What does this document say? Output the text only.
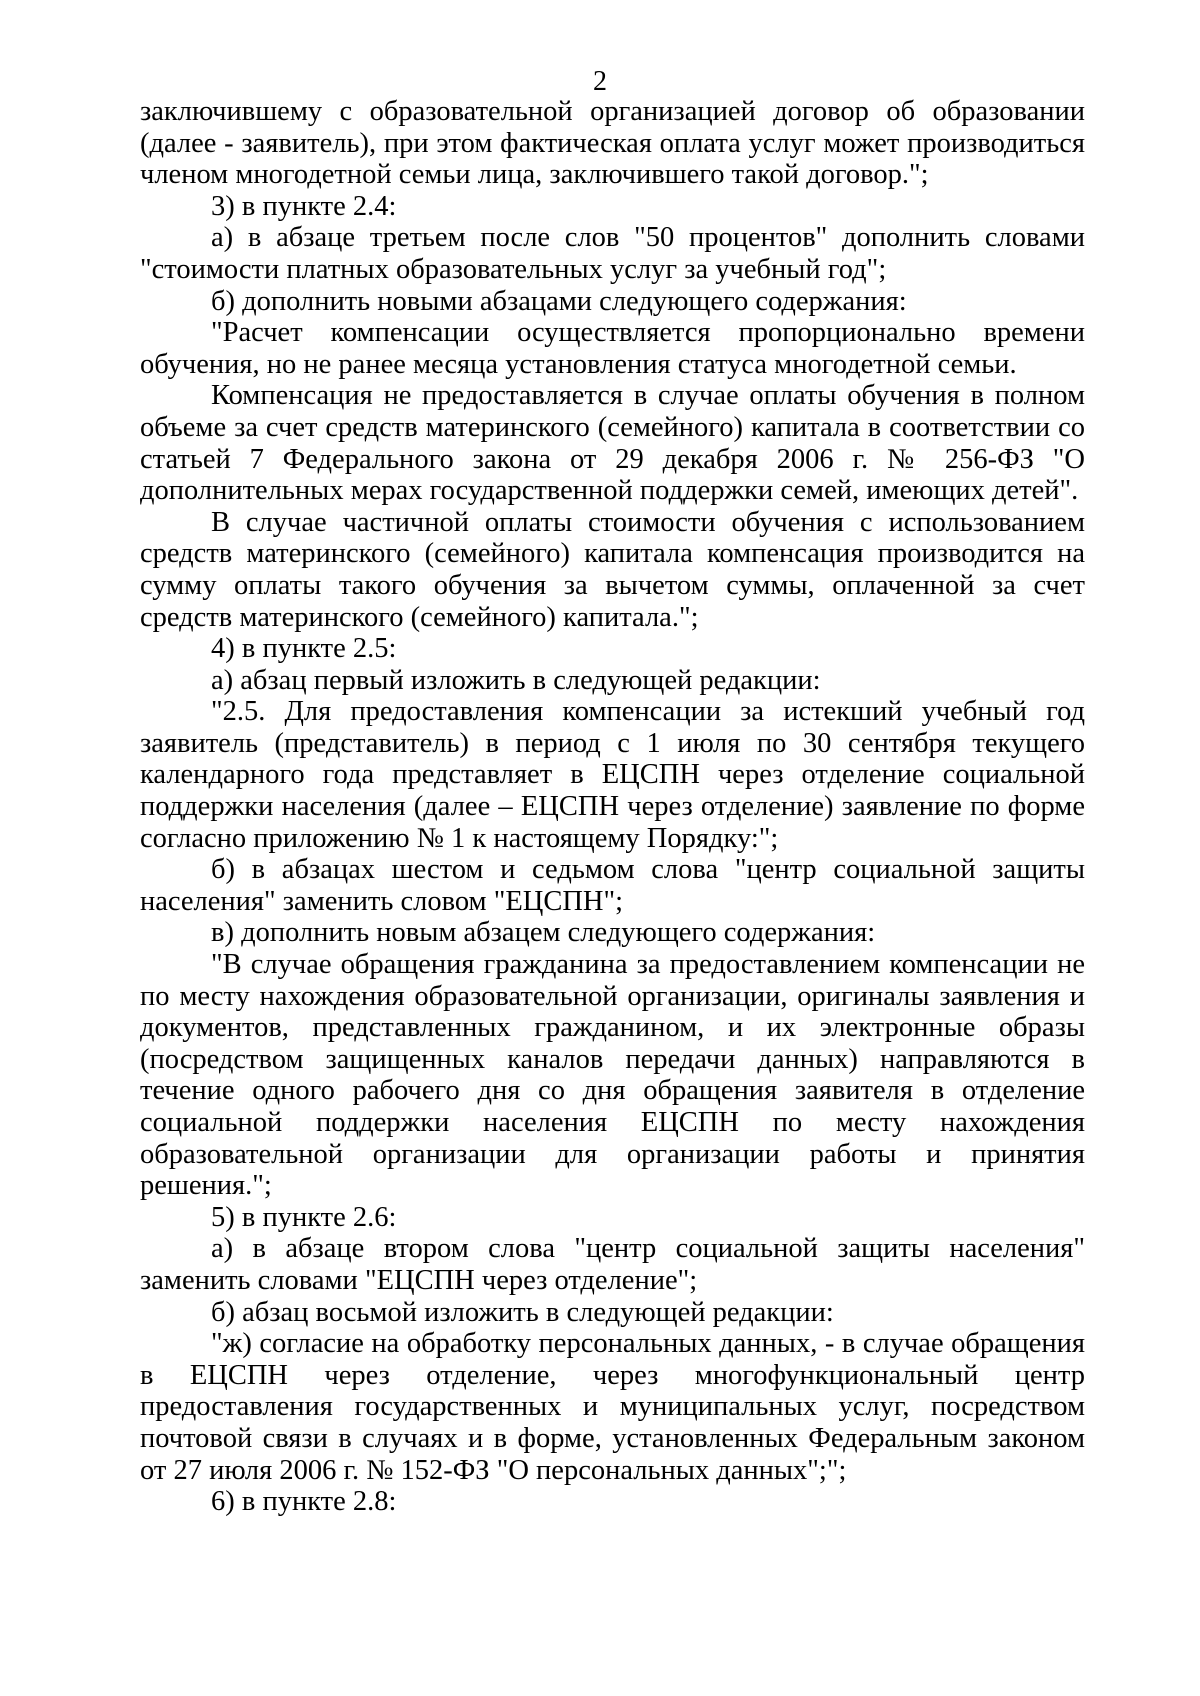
2

заключившему с образовательной организацией договор об образовании (далее - заявитель), при этом фактическая оплата услуг может производиться членом многодетной семьи лица, заключившего такой договор.";

3) в пункте 2.4:

а) в абзаце третьем после слов "50 процентов" дополнить словами "стоимости платных образовательных услуг за учебный год";

б) дополнить новыми абзацами следующего содержания:

"Расчет компенсации осуществляется пропорционально времени обучения, но не ранее месяца установления статуса многодетной семьи.

Компенсация не предоставляется в случае оплаты обучения в полном объеме за счет средств материнского (семейного) капитала в соответствии со статьей 7 Федерального закона от 29 декабря 2006 г. № 256-ФЗ "О дополнительных мерах государственной поддержки семей, имеющих детей".

В случае частичной оплаты стоимости обучения с использованием средств материнского (семейного) капитала компенсация производится на сумму оплаты такого обучения за вычетом суммы, оплаченной за счет средств материнского (семейного) капитала.";

4) в пункте 2.5:

а) абзац первый изложить в следующей редакции:

"2.5. Для предоставления компенсации за истекший учебный год заявитель (представитель) в период с 1 июля по 30 сентября текущего календарного года представляет в ЕЦСПН через отделение социальной поддержки населения (далее – ЕЦСПН через отделение) заявление по форме согласно приложению № 1 к настоящему Порядку:";

б) в абзацах шестом и седьмом слова "центр социальной защиты населения" заменить словом "ЕЦСПН";

в) дополнить новым абзацем следующего содержания:

"В случае обращения гражданина за предоставлением компенсации не по месту нахождения образовательной организации, оригиналы заявления и документов, представленных гражданином, и их электронные образы (посредством защищенных каналов передачи данных) направляются в течение одного рабочего дня со дня обращения заявителя в отделение социальной поддержки населения ЕЦСПН по месту нахождения образовательной организации для организации работы и принятия решения.";

5) в пункте 2.6:

а) в абзаце втором слова "центр социальной защиты населения" заменить словами "ЕЦСПН через отделение";

б) абзац восьмой изложить в следующей редакции:

"ж) согласие на обработку персональных данных, - в случае обращения в ЕЦСПН через отделение, через многофункциональный центр предоставления государственных и муниципальных услуг, посредством почтовой связи в случаях и в форме, установленных Федеральным законом от 27 июля 2006 г. № 152-ФЗ "О персональных данных";";

6) в пункте 2.8:
